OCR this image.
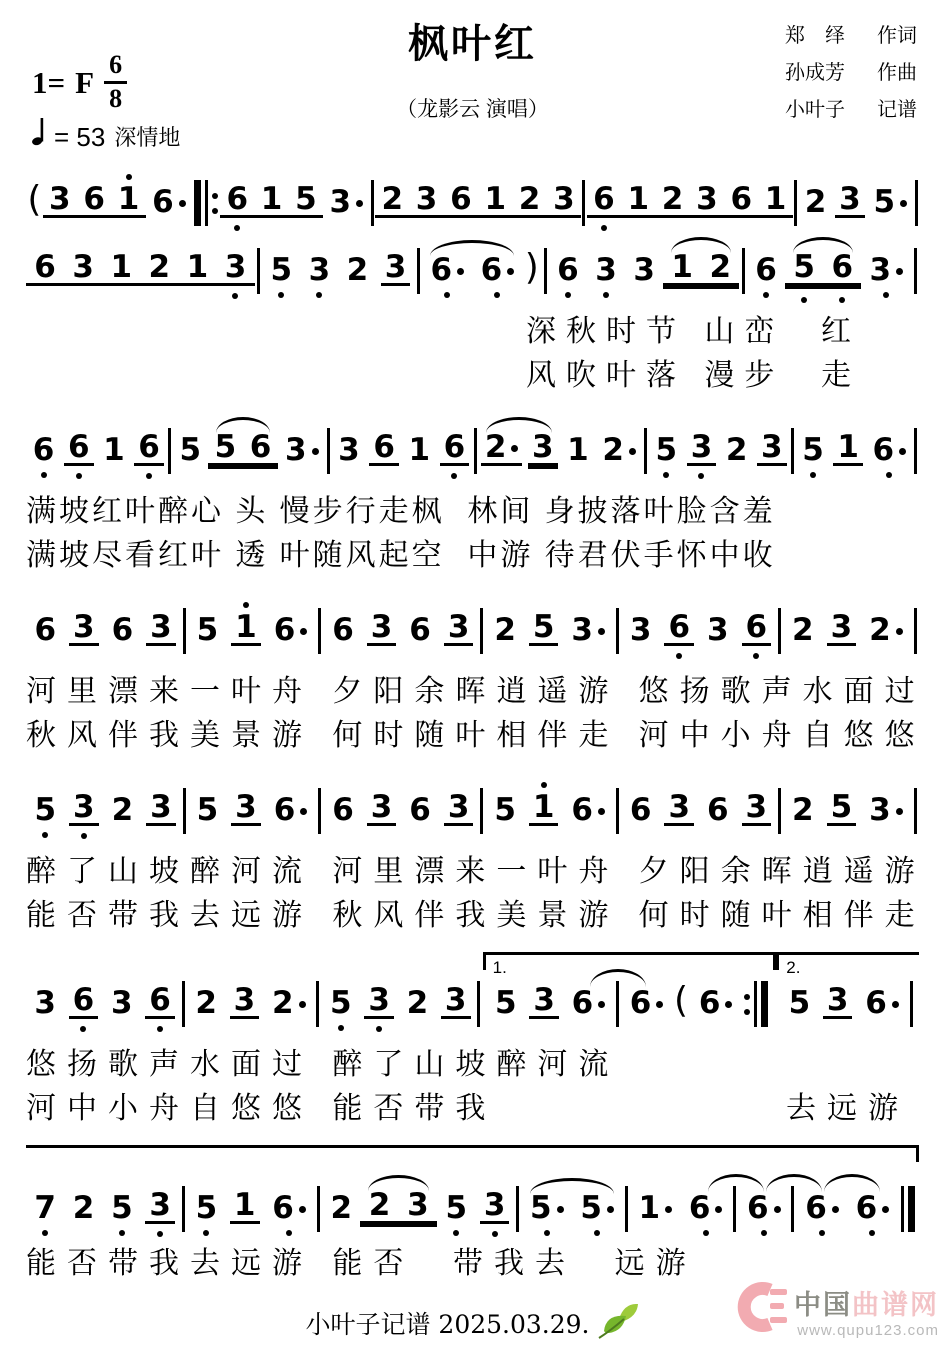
枫叶红
（龙影云 演唱）
1= F $\frac{6}{8}$
= 53 深情地
郑　绎	作词
孙成芳	作曲
小叶子	记谱
( 3 6 1 6 6 1 5 3 2 3 6 1 2 3 6 1 2 3 6 1 2 3 5
6 3 1 2 1 3 5 3 2 3 6 6 ) 6 3 3 1 2 6 5 6 3
深秋时节 山峦  红
风吹叶落 漫步  走
6 6 1 6 5 5 6 3 3 6 1 6 2 3 1 2 5 3 2 3 5 1 6
满坡红叶醉心 头 慢步行走枫  林间 身披落叶脸含羞
满坡尽看红叶 透 叶随风起空  中游 待君伏手怀中收
6 3 6 3 5 1 6 6 3 6 3 2 5 3 3 6 3 6 2 3 2
河里漂来一叶舟 夕阳余晖逍遥游 悠扬歌声水面过
秋风伴我美景游 何时随叶相伴走 河中小舟自悠悠
5 3 2 3 5 3 6 6 3 6 3 5 1 6 6 3 6 3 2 5 3
醉了山坡醉河流 河里漂来一叶舟 夕阳余晖逍遥游
能否带我去远游 秋风伴我美景游 何时随叶相伴走
3 6 3 6 2 3 2 5 3 2 3
1.
5 3 6 6 ( 6
2.
5 3 6
悠扬歌声水面过 醉了山坡醉河流
河中小舟自悠悠 能否带我	去远游
7 2 5 3 5 1 6 2 2 3 5 3 5 5 1 6 6 6 6
能否带我去远游 能否  带我去  远游
小叶子记谱 2025.03.29.
中国曲谱网
www.qupu123.com
